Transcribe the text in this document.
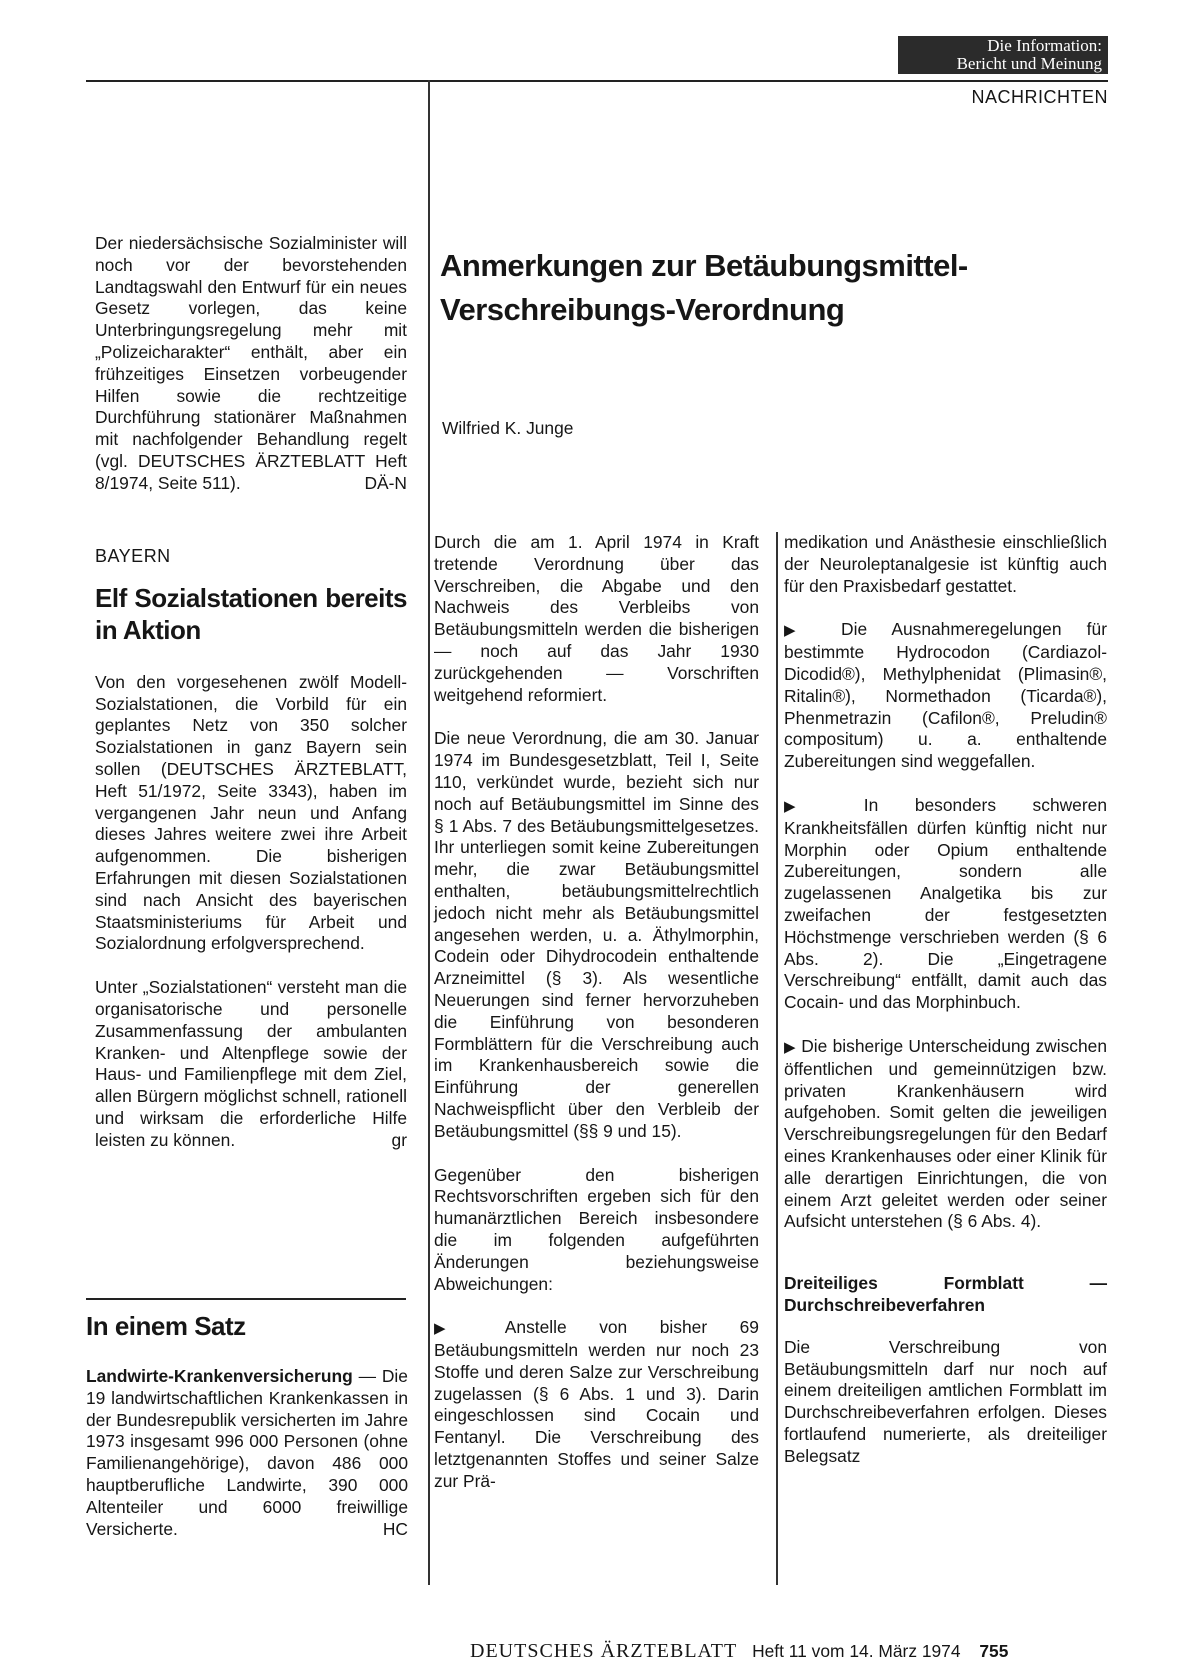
Die Information:
Bericht und Meinung
NACHRICHTEN

Der niedersächsische Sozialminister will noch vor der bevorstehenden Landtagswahl den Entwurf für ein neues Gesetz vorlegen, das keine Unterbringungsregelung mehr mit „Polizeicharakter“ enthält, aber ein frühzeitiges Einsetzen vorbeugender Hilfen sowie die rechtzeitige Durchführung stationärer Maßnahmen mit nachfolgender Behandlung regelt (vgl. DEUTSCHES ÄRZTEBLATT Heft 8/1974, Seite 511).	DÄ-N

BAYERN
Elf Sozialstationen bereits in Aktion

Von den vorgesehenen zwölf Modell-Sozialstationen, die Vorbild für ein geplantes Netz von 350 solcher Sozialstationen in ganz Bayern sein sollen (DEUTSCHES ÄRZTEBLATT, Heft 51/1972, Seite 3343), haben im vergangenen Jahr neun und Anfang dieses Jahres weitere zwei ihre Arbeit aufgenommen. Die bisherigen Erfahrungen mit diesen Sozialstationen sind nach Ansicht des bayerischen Staatsministeriums für Arbeit und Sozialordnung erfolgversprechend.

Unter „Sozialstationen“ versteht man die organisatorische und personelle Zusammenfassung der ambulanten Kranken- und Altenpflege sowie der Haus- und Familienpflege mit dem Ziel, allen Bürgern möglichst schnell, rationell und wirksam die erforderliche Hilfe leisten zu können.	gr

In einem Satz

Landwirte-Krankenversicherung — Die 19 landwirtschaftlichen Krankenkassen in der Bundesrepublik versicherten im Jahre 1973 insgesamt 996 000 Personen (ohne Familienangehörige), davon 486 000 hauptberufliche Landwirte, 390 000 Altenteiler und 6000 freiwillige Versicherte.	HC

Anmerkungen zur Betäubungsmittel-Verschreibungs-Verordnung
Wilfried K. Junge

Durch die am 1. April 1974 in Kraft tretende Verordnung über das Verschreiben, die Abgabe und den Nachweis des Verbleibs von Betäubungsmitteln werden die bisherigen — noch auf das Jahr 1930 zurückgehenden — Vorschriften weitgehend reformiert.

Die neue Verordnung, die am 30. Januar 1974 im Bundesgesetzblatt, Teil I, Seite 110, verkündet wurde, bezieht sich nur noch auf Betäubungsmittel im Sinne des § 1 Abs. 7 des Betäubungsmittelgesetzes. Ihr unterliegen somit keine Zubereitungen mehr, die zwar Betäubungsmittel enthalten, betäubungsmittelrechtlich jedoch nicht mehr als Betäubungsmittel angesehen werden, u. a. Äthylmorphin, Codein oder Dihydrocodein enthaltende Arzneimittel (§ 3). Als wesentliche Neuerungen sind ferner hervorzuheben die Einführung von besonderen Formblättern für die Verschreibung auch im Krankenhausbereich sowie die Einführung der generellen Nachweispflicht über den Verbleib der Betäubungsmittel (§§ 9 und 15).

Gegenüber den bisherigen Rechtsvorschriften ergeben sich für den humanärztlichen Bereich insbesondere die im folgenden aufgeführten Änderungen beziehungsweise Abweichungen:

▶ Anstelle von bisher 69 Betäubungsmitteln werden nur noch 23 Stoffe und deren Salze zur Verschreibung zugelassen (§ 6 Abs. 1 und 3). Darin eingeschlossen sind Cocain und Fentanyl. Die Verschreibung des letztgenannten Stoffes und seiner Salze zur Prä-

medikation und Anästhesie einschließlich der Neuroleptanalgesie ist künftig auch für den Praxisbedarf gestattet.

▶ Die Ausnahmeregelungen für bestimmte Hydrocodon (Cardiazol-Dicodid®), Methylphenidat (Plimasin®, Ritalin®), Normethadon (Ticarda®), Phenmetrazin (Cafilon®, Preludin® compositum) u. a. enthaltende Zubereitungen sind weggefallen.

▶ In besonders schweren Krankheitsfällen dürfen künftig nicht nur Morphin oder Opium enthaltende Zubereitungen, sondern alle zugelassenen Analgetika bis zur zweifachen der festgesetzten Höchstmenge verschrieben werden (§ 6 Abs. 2). Die „Eingetragene Verschreibung“ entfällt, damit auch das Cocain- und das Morphinbuch.

▶ Die bisherige Unterscheidung zwischen öffentlichen und gemeinnützigen bzw. privaten Krankenhäusern wird aufgehoben. Somit gelten die jeweiligen Verschreibungsregelungen für den Bedarf eines Krankenhauses oder einer Klinik für alle derartigen Einrichtungen, die von einem Arzt geleitet werden oder seiner Aufsicht unterstehen (§ 6 Abs. 4).

Dreiteiliges Formblatt — Durchschreibeverfahren

Die Verschreibung von Betäubungsmitteln darf nur noch auf einem dreiteiligen amtlichen Formblatt im Durchschreibeverfahren erfolgen. Dieses fortlaufend numerierte, als dreiteiliger Belegsatz

DEUTSCHES ÄRZTEBLATT Heft 11 vom 14. März 1974 755
